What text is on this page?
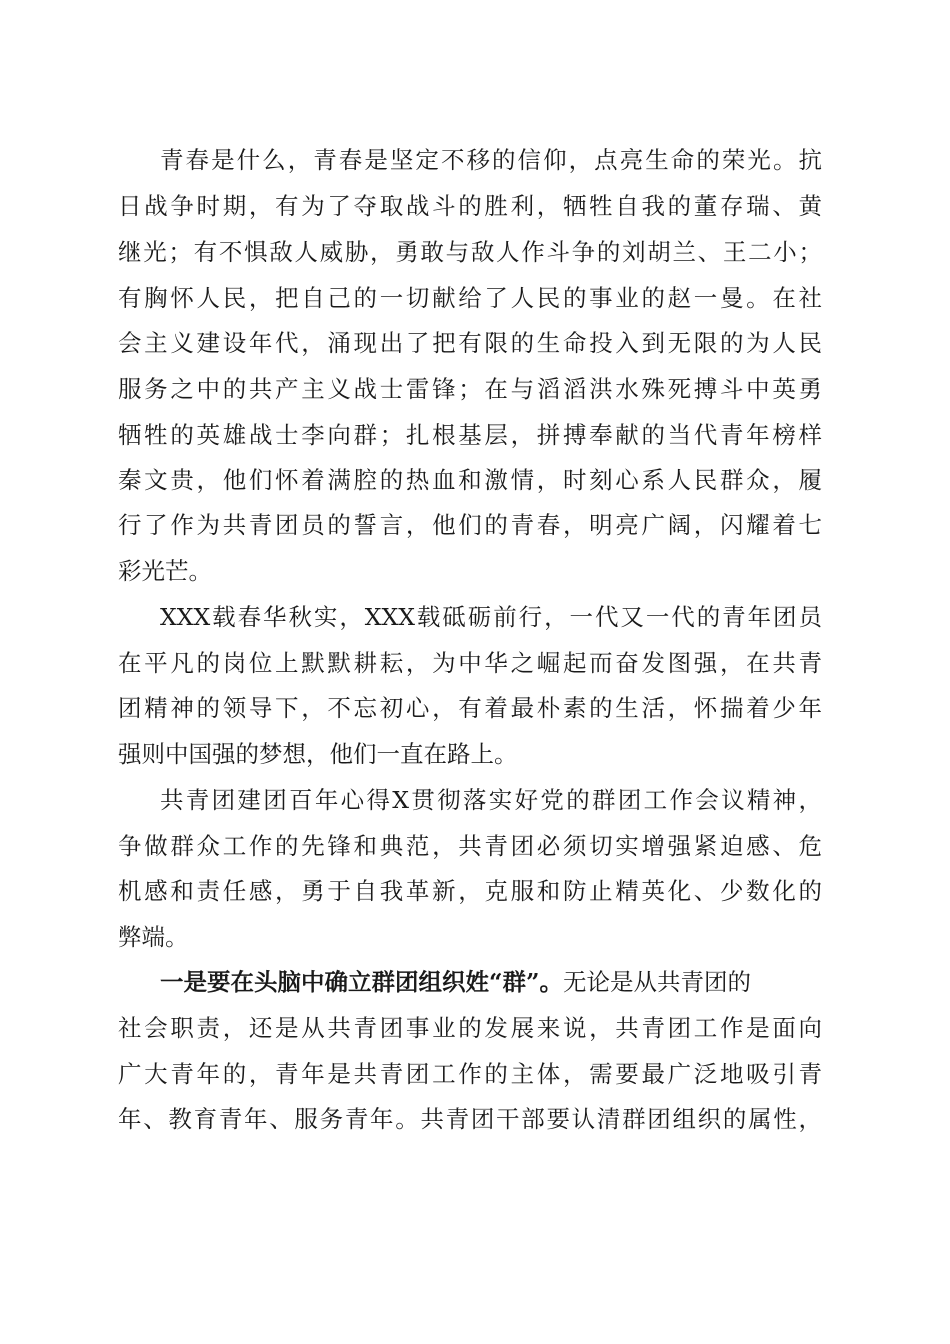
青春是什么，青春是坚定不移的信仰，点亮生命的荣光。抗
日战争时期，有为了夺取战斗的胜利，牺牲自我的董存瑞、黄
继光；有不惧敌人威胁，勇敢与敌人作斗争的刘胡兰、王二小；
有胸怀人民，把自己的一切献给了人民的事业的赵一曼。在社
会主义建设年代，涌现出了把有限的生命投入到无限的为人民
服务之中的共产主义战士雷锋；在与滔滔洪水殊死搏斗中英勇
牺牲的英雄战士李向群；扎根基层，拼搏奉献的当代青年榜样
秦文贵，他们怀着满腔的热血和激情，时刻心系人民群众，履
行了作为共青团员的誓言，他们的青春，明亮广阔，闪耀着七
彩光芒。
XXX载春华秋实，XXX载砥砺前行，一代又一代的青年团员
在平凡的岗位上默默耕耘，为中华之崛起而奋发图强，在共青
团精神的领导下，不忘初心，有着最朴素的生活，怀揣着少年
强则中国强的梦想，他们一直在路上。
共青团建团百年心得X贯彻落实好党的群团工作会议精神，
争做群众工作的先锋和典范，共青团必须切实增强紧迫感、危
机感和责任感，勇于自我革新，克服和防止精英化、少数化的
弊端。
一是要在头脑中确立群团组织姓“群”。无论是从共青团的
社会职责，还是从共青团事业的发展来说，共青团工作是面向
广大青年的，青年是共青团工作的主体，需要最广泛地吸引青
年、教育青年、服务青年。共青团干部要认清群团组织的属性，
